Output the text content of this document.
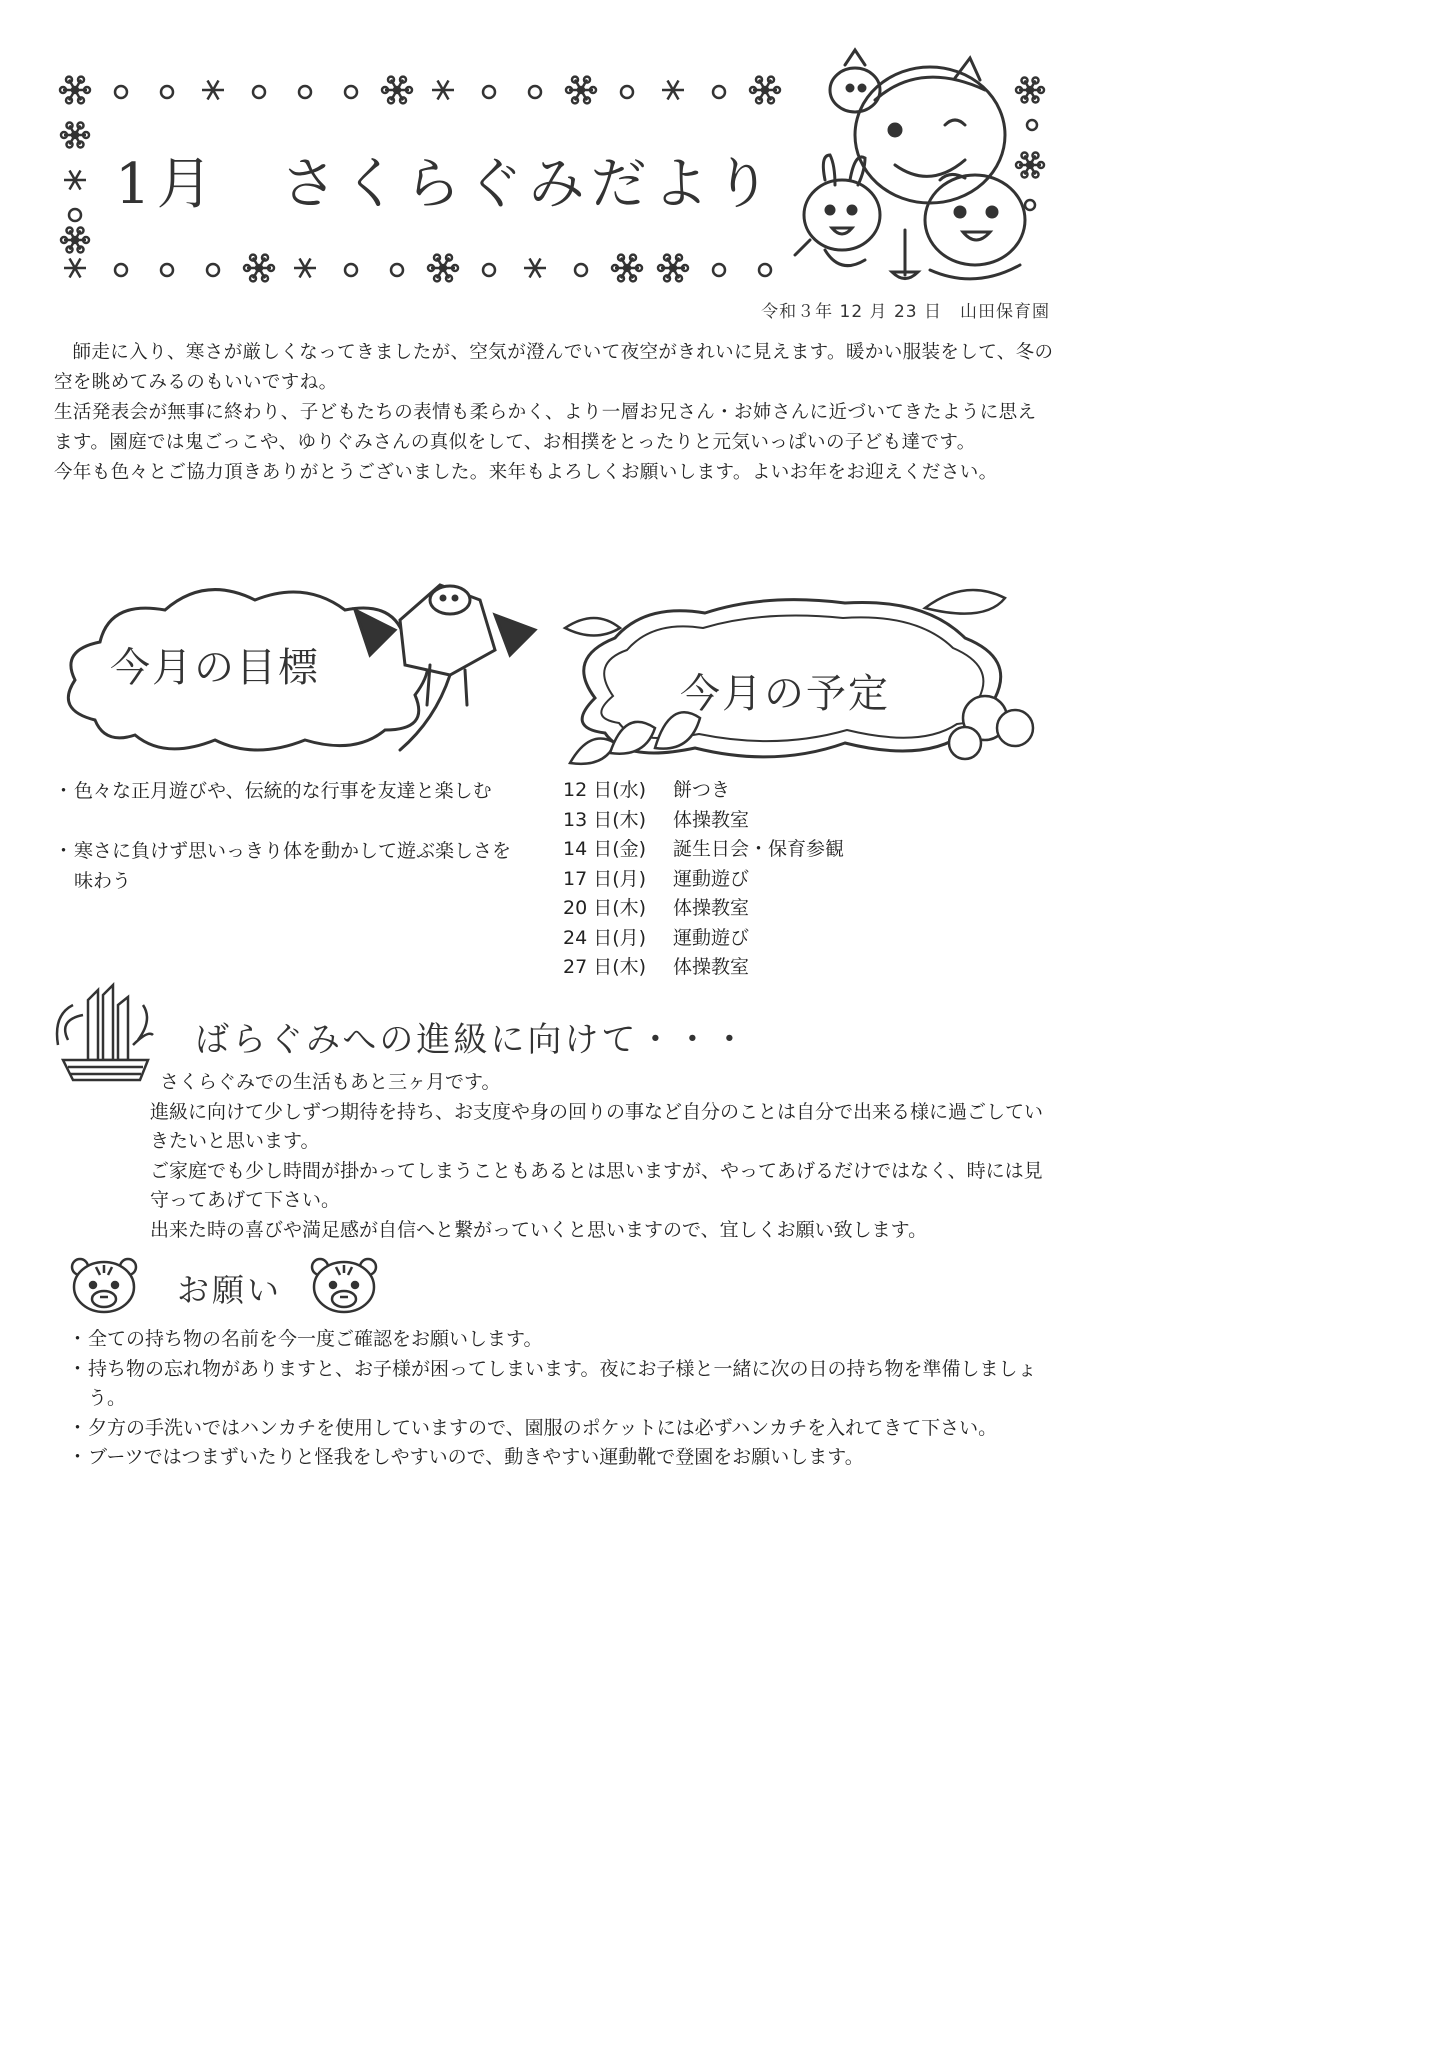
1月　さくらぐみだより
令和３年 12 月 23 日　山田保育園

師走に入り、寒さが厳しくなってきましたが、空気が澄んでいて夜空がきれいに見えます。暖かい服装をして、冬の空を眺めてみるのもいいですね。

生活発表会が無事に終わり、子どもたちの表情も柔らかく、より一層お兄さん・お姉さんに近づいてきたように思えます。園庭では鬼ごっこや、ゆりぐみさんの真似をして、お相撲をとったりと元気いっぱいの子ども達です。

今年も色々とご協力頂きありがとうございました。来年もよろしくお願いします。よいお年をお迎えください。

今月の目標
今月の予定
・ 色々な正月遊びや、伝統的な行事を友達と楽しむ
・ 寒さに負けず思いっきり体を動かして遊ぶ楽しさを味わう
12 日(水)	餅つき
13 日(木)	体操教室
14 日(金)	誕生日会・保育参観
17 日(月)	運動遊び
20 日(木)	体操教室
24 日(月)	運動遊び
27 日(木)	体操教室
ばらぐみへの進級に向けて・・・

さくらぐみでの生活もあと三ヶ月です。

進級に向けて少しずつ期待を持ち、お支度や身の回りの事など自分のことは自分で出来る様に過ごしていきたいと思います。

ご家庭でも少し時間が掛かってしまうこともあるとは思いますが、やってあげるだけではなく、時には見守ってあげて下さい。

出来た時の喜びや満足感が自信へと繋がっていくと思いますので、宜しくお願い致します。

お願い
・ 全ての持ち物の名前を今一度ご確認をお願いします。
・ 持ち物の忘れ物がありますと、お子様が困ってしまいます。夜にお子様と一緒に次の日の持ち物を準備しましょう。
・ 夕方の手洗いではハンカチを使用していますので、園服のポケットには必ずハンカチを入れてきて下さい。
・ ブーツではつまずいたりと怪我をしやすいので、動きやすい運動靴で登園をお願いします。
